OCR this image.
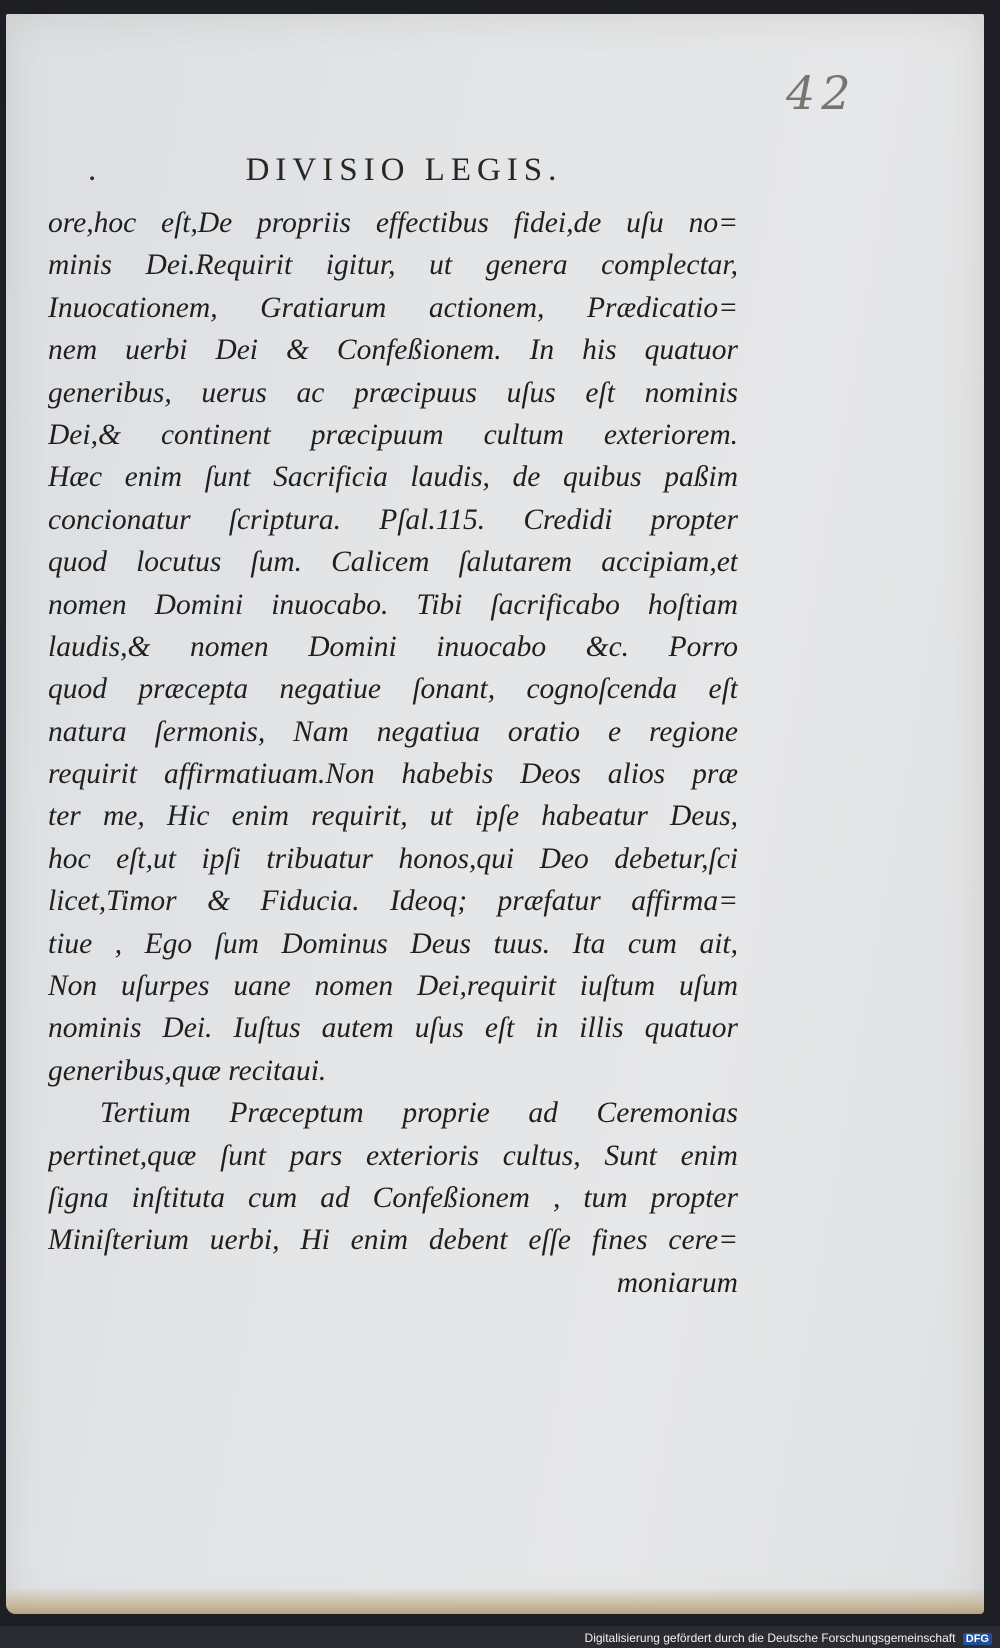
42
.	DIVISIO LEGIS.
ore,hoc eſt,De propriis effectibus fidei,de uſu no=
minis Dei.Requirit igitur, ut genera complectar,
Inuocationem, Gratiarum actionem, Prædicatio=
nem uerbi Dei & Confeßionem. In his quatuor
generibus, uerus ac præcipuus uſus eſt nominis
Dei,& continent præcipuum cultum exteriorem.
Hæc enim ſunt Sacrificia laudis, de quibus paßim
concionatur ſcriptura. Pſal.115. Credidi propter
quod locutus ſum. Calicem ſalutarem accipiam,et
nomen Domini inuocabo. Tibi ſacrificabo hoſtiam
laudis,& nomen Domini inuocabo &c. Porro
quod præcepta negatiue ſonant, cognoſcenda eſt
natura ſermonis, Nam negatiua oratio e regione
requirit affirmatiuam.Non habebis Deos alios præ
ter me, Hic enim requirit, ut ipſe habeatur Deus,
hoc eſt,ut ipſi tribuatur honos,qui Deo debetur,ſci
licet,Timor & Fiducia. Ideoq; præfatur affirma=
tiue , Ego ſum Dominus Deus tuus. Ita cum ait,
Non uſurpes uane nomen Dei,requirit iuſtum uſum
nominis Dei. Iuſtus autem uſus eſt in illis quatuor
generibus,quæ recitaui.
Tertium Præceptum proprie ad Ceremonias
pertinet,quæ ſunt pars exterioris cultus, Sunt enim
ſigna inſtituta cum ad Confeßionem , tum propter
Miniſterium uerbi, Hi enim debent eſſe fines cere=
moniarum
Digitalisierung gefördert durch die Deutsche Forschungsgemeinschaft DFG
